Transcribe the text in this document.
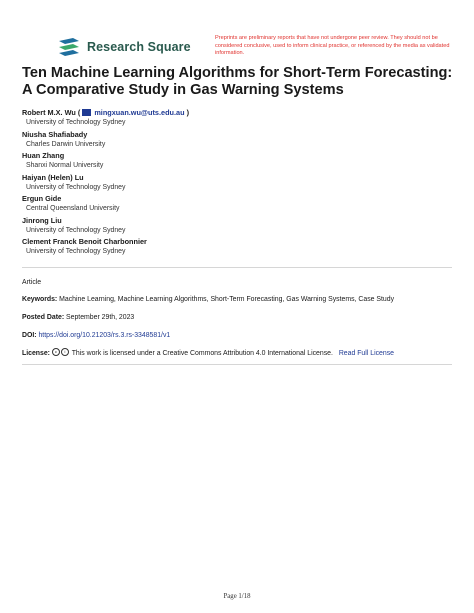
Research Square
Preprints are preliminary reports that have not undergone peer review. They should not be considered conclusive, used to inform clinical practice, or referenced by the media as validated information.
Ten Machine Learning Algorithms for Short-Term Forecasting: A Comparative Study in Gas Warning Systems
Robert M.X. Wu (  mingxuan.wu@uts.edu.au )
University of Technology Sydney
Niusha Shafiabady
Charles Darwin University
Huan Zhang
Shanxi Normal University
Haiyan (Helen) Lu
University of Technology Sydney
Ergun Gide
Central Queensland University
Jinrong Liu
University of Technology Sydney
Clement Franck Benoit Charbonnier
University of Technology Sydney
Article
Keywords: Machine Learning, Machine Learning Algorithms, Short-Term Forecasting, Gas Warning Systems, Case Study
Posted Date: September 29th, 2023
DOI: https://doi.org/10.21203/rs.3.rs-3348581/v1
License: c i This work is licensed under a Creative Commons Attribution 4.0 International License. Read Full License
Page 1/18
